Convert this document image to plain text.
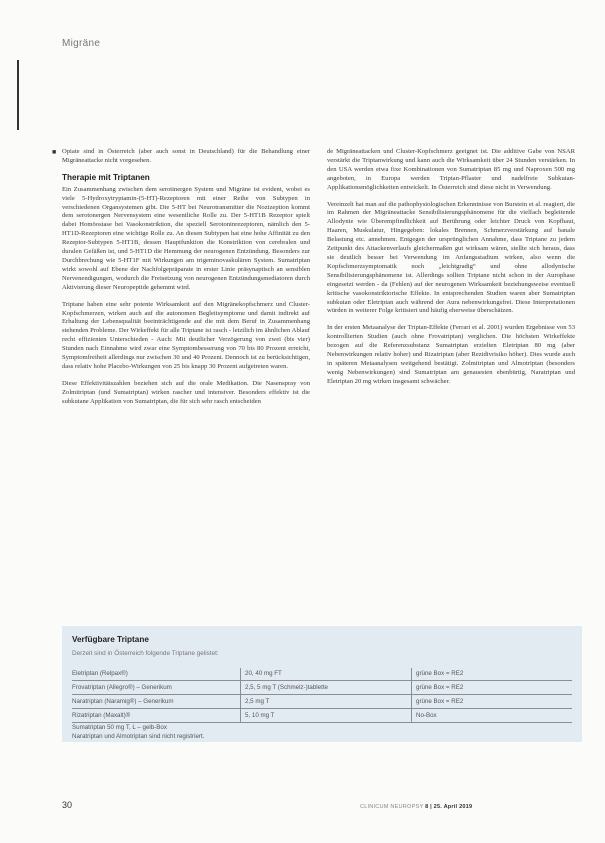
Migräne

■ Opiate sind in Österreich (aber auch sonst in Deutschland) für die Behandlung einer Migräneattacke nicht vorgesehen.

Therapie mit Triptanen

Ein Zusammenhang zwischen dem serotinergen System und Migräne ist evident, wobei es viele 5-Hydroxytryptamin-(5-HT)-Rezeptoren mit einer Reihe von Subtypen in verschiedenen Organsystemen gibt. Die 5-HT bei Neurotransmitter die Nozizeption kommt dem serotonergen Nervensystem eine wesentliche Rolle zu. Der 5-HT1B Rezeptor spielt dabei Homöostase bei Vasokonstriktion, die speziell Serotoninrezeptoren, nämlich den 5-HT1D-Rezeptoren eine wichtige Rolle zu. An diesen Subtypen hat eine hohe Affinität zu den Rezeptor-Subtypen 5-HT1B, dessen Hauptfunktion die Konstriktion von cerebralen und duralen Gefäßen ist, und 5-HT1D die Hemmung der neurogenen Entzündung. Besonders zur Durchbrechung wie 5-HT1F mit Wirkungen am trigeminovaskulären System. Sumatriptan wirkt sowohl auf Ebene der Nachfolgepräparate in erster Linie präsynaptisch an sensiblen Nervenendigungen, wodurch die Freisetzung von neurogenen Entzündungsmediatoren durch Aktivierung dieser Neuropeptide gehemmt wird.

Triptane haben eine sehr potente Wirksamkeit auf den Migränekopfschmerz und Cluster-Kopfschmerzen, wirken auch auf die autonomen Begleitsymptome und damit indirekt auf Erhaltung der Lebensqualität beeinträchtigende auf die mit dem Beruf in Zusammenhang stehenden Probleme. Der Wirkeffekt für alle Triptane ist rasch - letztlich im ähnlichen Ablauf recht effizienten Unterschieden - Auch: Mit deutlicher Verzögerung von zwei (bis vier) Stunden nach Einnahme wird zwar eine Symptombesserung von 70 bis 80 Prozent erreicht, Symptomfreiheit allerdings nur zwischen 30 und 40 Prozent. Dennoch ist zu berücksichtigen, dass relativ hohe Placebo-Wirkungen von 25 bis knapp 30 Prozent aufgetreten waren.

Diese Effektivitätszahlen beziehen sich auf die orale Medikation. Die Nasenspray von Zolmitriptan (und Sumatriptan) wirken rascher und intensiver. Besonders effektiv ist die subkutane Applikation von Sumatriptan, die für sich sehr rasch entscheiden

de Migräneattacken und Cluster-Kopfschmerz geeignet ist. Die additive Gabe von NSAR verstärkt die Triptanwirkung und kann auch die Wirksamkeit über 24 Stunden verstärken. In den USA werden etwa fixe Kombinationen von Sumatriptan 85 mg und Naproxen 500 mg angeboten, in Europa werden Triptan-Pflaster und nadelfreie Subkutan-Applikationsmöglichkeiten entwickelt. In Österreich sind diese nicht in Verwendung.

Vereinzelt hat man auf die pathophysiologischen Erkenntnisse von Burstein et al. reagiert, die im Rahmen der Migräneattacke Sensibilisierungsphänomene für die vielfach begleitende Allodynie wie Überempfindlichkeit auf Berührung oder leichter Druck von Kopfhaut, Haaren, Muskulatur, Hingegeben: lokales Brennen, Schmerzverstärkung auf banale Belastung etc. annehmen. Entgegen der ursprünglichen Annahme, dass Triptane zu jedem Zeitpunkt des Attackenverlaufs gleichermaßen gut wirksam wären, stellte sich heraus, dass sie deutlich besser bei Verwendung im Anfangsstadium wirken, also wenn die Kopfschmerzsymptomatik noch „leichtgradig“ und ohne allodynische Sensibilisierungsphänomene ist. Allerdings sollten Triptane nicht schon in der Aurophase eingesetzt werden - da (Fehlen) auf der neurogenen Wirksamkeit beziehungsweise eventuell kritische vasokonstriktorische Effekte. In entsprechenden Studien waren aber Sumatriptan subkutan oder Eletriptan auch während der Aura nebenwirkungsfrei. Diese Interpretationen würden in weiterer Folge kritisiert und häufig eherweise überschätzen.

In der ersten Metaanalyse der Triptan-Effekte (Ferrari et al. 2001) wurden Ergebnisse von 53 kontrollierten Studien (auch ohne Frovatriptan) verglichen. Die höchsten Wirkeffekte bezogen auf die Referenzsubstanz Sumatriptan erzielten Eletriptan 80 mg (aber Nebenwirkungen relativ hoher) und Rizatriptan (aber Rezidivrisiko höher). Dies wurde auch in späteren Metaanalysen weitgehend bestätigt. Zolmitriptan und Almotriptan (besonders wenig Nebenwirkungen) sind Sumatriptan am genauesten ebenbürtig, Naratriptan und Eletriptan 20 mg wirken insgesamt schwächer.

Verfügbare Triptane
Derzeit sind in Österreich folgende Triptane gelistet:
Eletriptan (Relpax®)	20, 40 mg FT	grüne Box = RE2
Frovatriptan (Allegro®) – Generikum	2,5, 5 mg T (Schmelz-)tablette	grüne Box = RE2
Naratriptan (Naramig®) – Generikum	2,5 mg T	grüne Box = RE2
Rizatriptan (Maxalt)®	5, 10 mg T	No-Box
Sumatriptan 50 mg T, L – gelb-Box
Naratriptan und Almotriptan sind nicht registriert.
30	CLINICUM NEUROPSY 8 | 25. April 2019
